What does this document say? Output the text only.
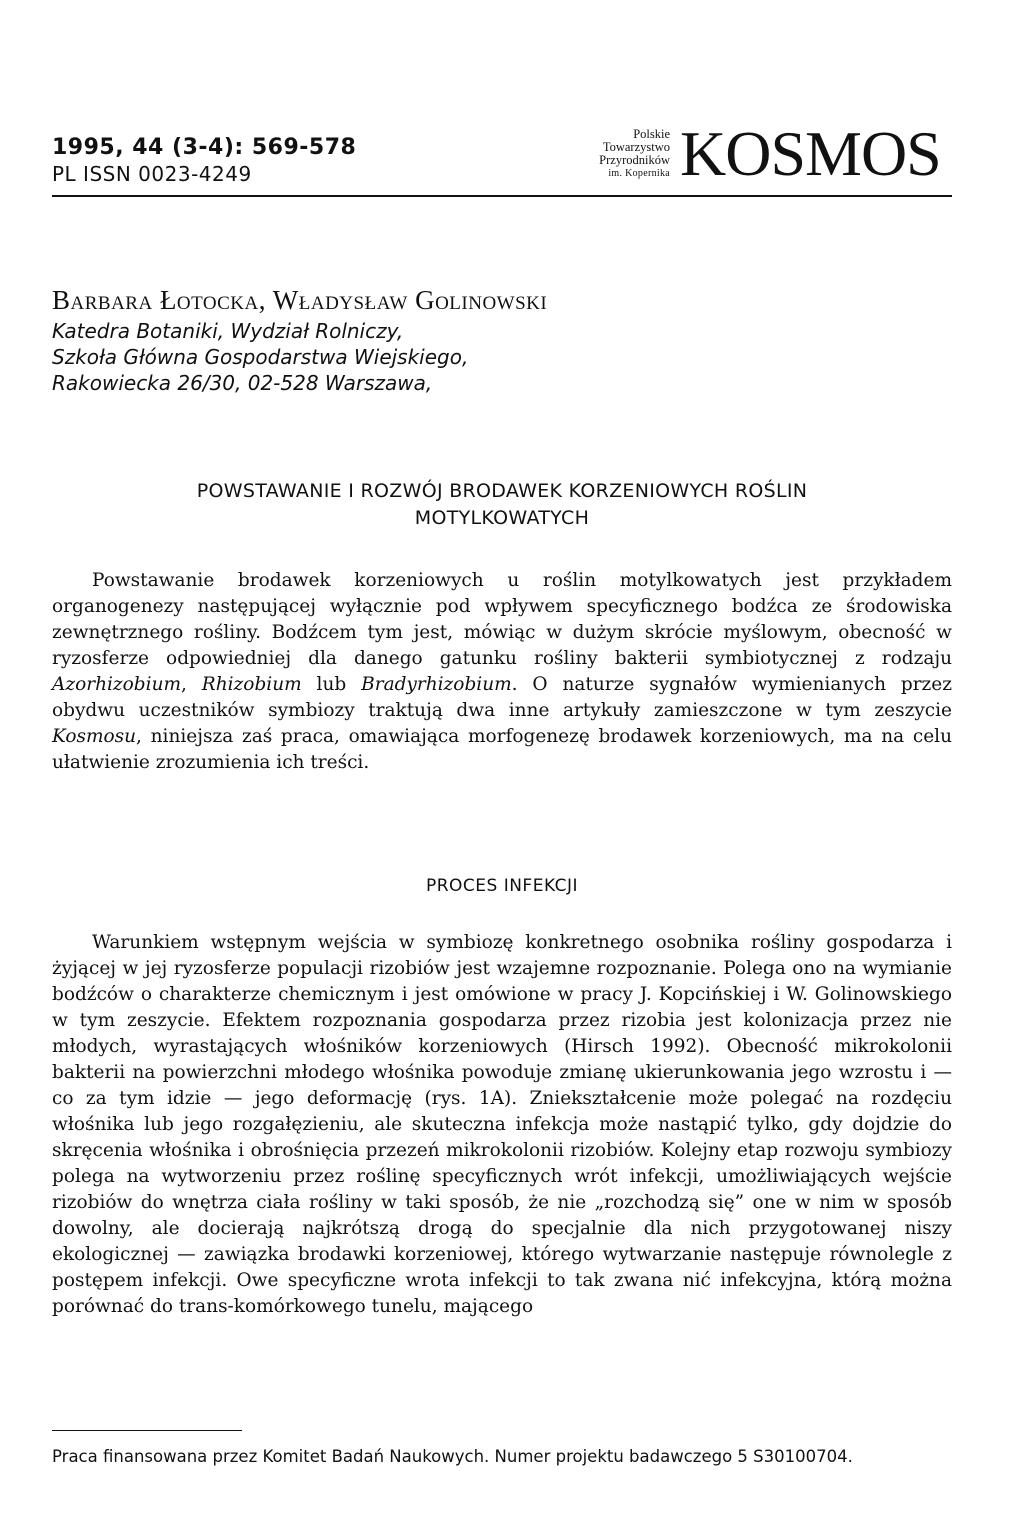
1995, 44 (3-4): 569-578
PL ISSN 0023-4249
Polskie
Towarzystwo
Przyrodników
im. Kopernika KOSMOS
Barbara Łotocka, Władysław Golinowski
Katedra Botaniki, Wydział Rolniczy,
Szkoła Główna Gospodarstwa Wiejskiego,
Rakowiecka 26/30, 02-528 Warszawa,
POWSTAWANIE I ROZWÓJ BRODAWEK KORZENIOWYCH ROŚLIN
MOTYLKOWATYCH
Powstawanie brodawek korzeniowych u roślin motylkowatych jest przykładem organogenezy następującej wyłącznie pod wpływem specyficznego bodźca ze środowiska zewnętrznego rośliny. Bodźcem tym jest, mówiąc w dużym skrócie myślowym, obecność w ryzosferze odpowiedniej dla danego gatunku rośliny bakterii symbiotycznej z rodzaju Azorhizobium, Rhizobium lub Bradyrhizobium. O naturze sygnałów wymienianych przez obydwu uczestników symbiozy traktują dwa inne artykuły zamieszczone w tym zeszycie Kosmosu, niniejsza zaś praca, omawiająca morfogenezę brodawek korzeniowych, ma na celu ułatwienie zrozumienia ich treści.
PROCES INFEKCJI
Warunkiem wstępnym wejścia w symbiozę konkretnego osobnika rośliny gospodarza i żyjącej w jej ryzosferze populacji rizobiów jest wzajemne rozpoznanie. Polega ono na wymianie bodźców o charakterze chemicznym i jest omówione w pracy J. Kopcińskiej i W. Golinowskiego w tym zeszycie. Efektem rozpoznania gospodarza przez rizobia jest kolonizacja przez nie młodych, wyrastających włośników korzeniowych (Hirsch 1992). Obecność mikrokolonii bakterii na powierzchni młodego włośnika powoduje zmianę ukierunkowania jego wzrostu i — co za tym idzie — jego deformację (rys. 1A). Zniekształcenie może polegać na rozdęciu włośnika lub jego rozgałęzieniu, ale skuteczna infekcja może nastąpić tylko, gdy dojdzie do skręcenia włośnika i obrośnięcia przezeń mikrokolonii rizobiów. Kolejny etap rozwoju symbiozy polega na wytworzeniu przez roślinę specyficznych wrót infekcji, umożliwiających wejście rizobiów do wnętrza ciała rośliny w taki sposób, że nie „rozchodzą się” one w nim w sposób dowolny, ale docierają najkrótszą drogą do specjalnie dla nich przygotowanej niszy ekologicznej — zawiązka brodawki korzeniowej, którego wytwarzanie następuje równolegle z postępem infekcji. Owe specyficzne wrota infekcji to tak zwana nić infekcyjna, którą można porównać do trans-komórkowego tunelu, mającego
Praca finansowana przez Komitet Badań Naukowych. Numer projektu badawczego 5 S30100704.
